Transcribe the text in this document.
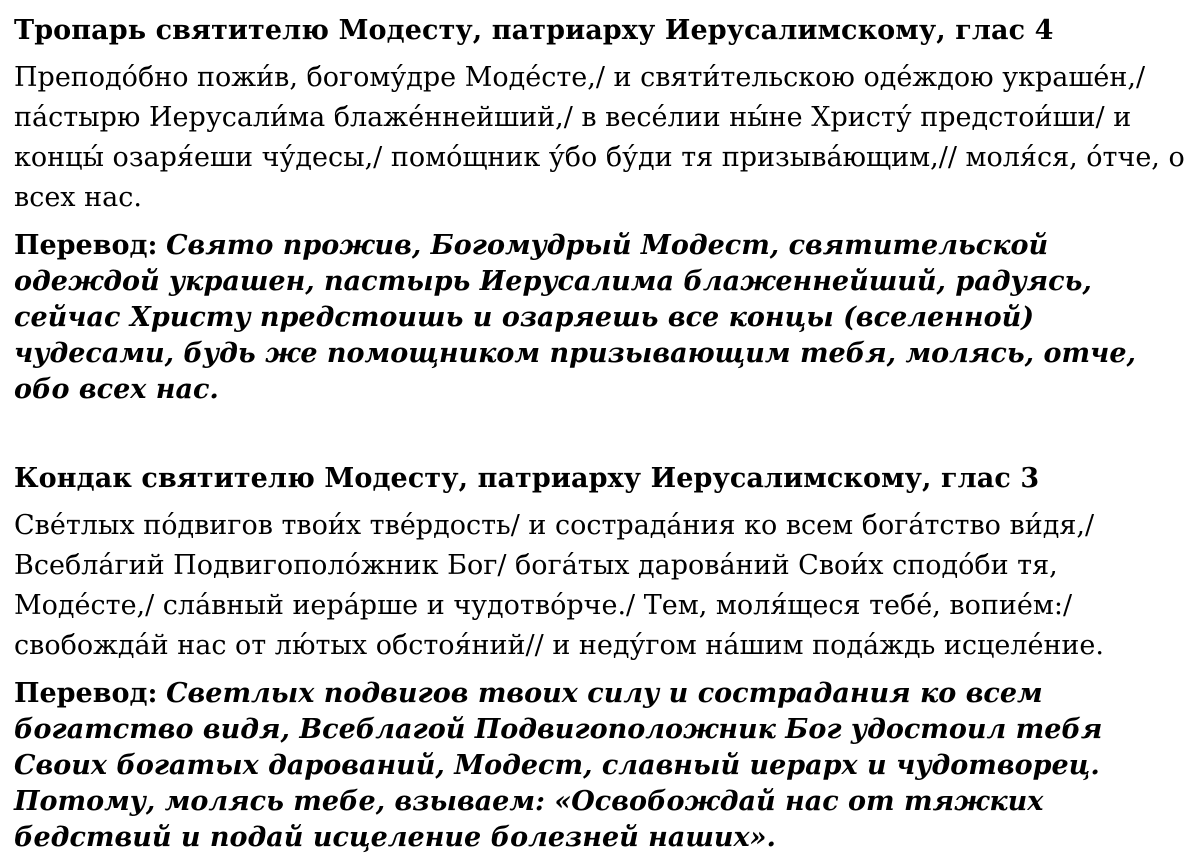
Тропарь святителю Модесту, патриарху Иерусалимскому, глас 4

Преподо́бно пожи́в, богому́дре Моде́сте,/ и святи́тельскою оде́ждою украше́н,/ па́стырю Иерусали́ма блаже́ннейший,/ в весе́лии ны́не Христу́ предстои́ши/ и концы́ озаря́еши чу́десы,/ помо́щник у́бо бу́ди тя призыва́ющим,// моля́ся, о́тче, о всех нас.

Перевод: Свято прожив, Богомудрый Модест, святительской одеждой украшен, пастырь Иерусалима блаженнейший, радуясь, сейчас Христу предстоишь и озаряешь все концы (вселенной) чудесами, будь же помощником призывающим тебя, молясь, отче, обо всех нас.

Кондак святителю Модесту, патриарху Иерусалимскому, глас 3

Све́тлых по́двигов твои́х тве́рдость/ и сострада́ния ко всем бога́тство ви́дя,/ Всебла́гий Подвигополо́жник Бог/ бога́тых дарова́ний Свои́х сподо́би тя, Моде́сте,/ сла́вный иера́рше и чудотво́рче./ Тем, моля́щеся тебе́, вопие́м:/ свобожда́й нас от лю́тых обстоя́ний// и неду́гом на́шим пода́ждь исцеле́ние.

Перевод: Светлых подвигов твоих силу и сострадания ко всем богатство видя, Всеблагой Подвигоположник Бог удостоил тебя Своих богатых дарований, Модест, славный иерарх и чудотворец. Потому, молясь тебе, взываем: «Освобождай нас от тяжких бедствий и подай исцеление болезней наших».
